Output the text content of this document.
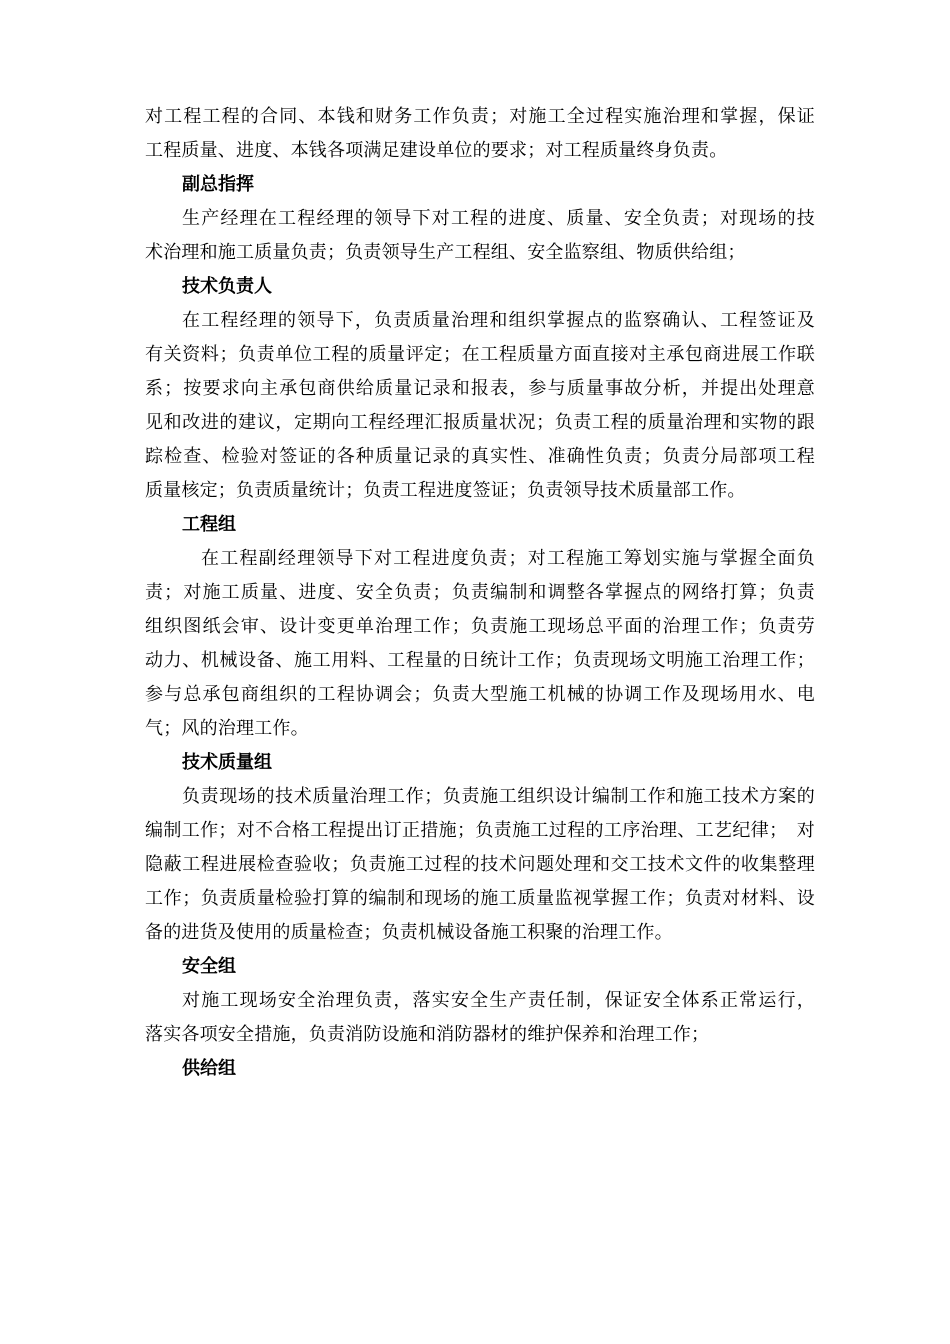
对工程工程的合同、本钱和财务工作负责；对施工全过程实施治理和掌握，保证
工程质量、进度、本钱各项满足建设单位的要求；对工程质量终身负责。
副总指挥
生产经理在工程经理的领导下对工程的进度、质量、安全负责；对现场的技
术治理和施工质量负责；负责领导生产工程组、安全监察组、物质供给组；
技术负责人
在工程经理的领导下，负责质量治理和组织掌握点的监察确认、工程签证及
有关资料；负责单位工程的质量评定；在工程质量方面直接对主承包商进展工作联
系；按要求向主承包商供给质量记录和报表，参与质量事故分析，并提出处理意
见和改进的建议，定期向工程经理汇报质量状况；负责工程的质量治理和实物的跟
踪检查、检验对签证的各种质量记录的真实性、准确性负责；负责分局部项工程
质量核定；负责质量统计；负责工程进度签证；负责领导技术质量部工作。
工程组
在工程副经理领导下对工程进度负责；对工程施工筹划实施与掌握全面负
责；对施工质量、进度、安全负责；负责编制和调整各掌握点的网络打算；负责
组织图纸会审、设计变更单治理工作；负责施工现场总平面的治理工作；负责劳
动力、机械设备、施工用料、工程量的日统计工作；负责现场文明施工治理工作；
参与总承包商组织的工程协调会；负责大型施工机械的协调工作及现场用水、电
气；风的治理工作。
技术质量组
负责现场的技术质量治理工作；负责施工组织设计编制工作和施工技术方案的
编制工作；对不合格工程提出订正措施；负责施工过程的工序治理、工艺纪律；　对
隐蔽工程进展检查验收；负责施工过程的技术问题处理和交工技术文件的收集整理
工作；负责质量检验打算的编制和现场的施工质量监视掌握工作；负责对材料、设
备的进货及使用的质量检查；负责机械设备施工积聚的治理工作。
安全组
对施工现场安全治理负责，落实安全生产责任制，保证安全体系正常运行，
落实各项安全措施，负责消防设施和消防器材的维护保养和治理工作；
供给组
